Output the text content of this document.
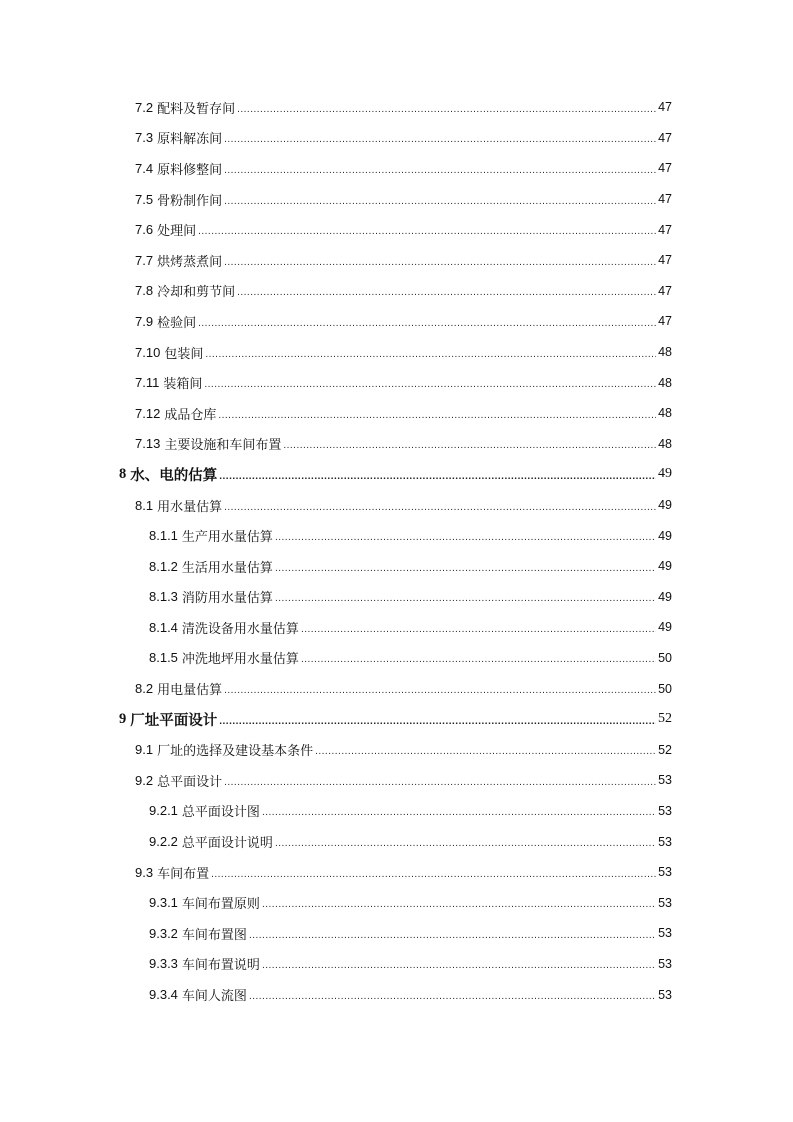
7.2 配料及暂存间 .....	47
7.3 原料解冻间 .....	47
7.4 原料修整间 .....	47
7.5 骨粉制作间 .....	47
7.6 处理间 .....	47
7.7 烘烤蒸煮间 .....	47
7.8 冷却和剪节间 .....	47
7.9 检验间 .....	47
7.10 包装间 .....	48
7.11 装箱间 .....	48
7.12 成品仓库 .....	48
7.13 主要设施和车间布置 .....	48
8 水、电的估算 .....	49
8.1 用水量估算 .....	49
8.1.1 生产用水量估算 .....	49
8.1.2 生活用水量估算 .....	49
8.1.3 消防用水量估算 .....	49
8.1.4 清洗设备用水量估算 .....	49
8.1.5 冲洗地坪用水量估算 .....	50
8.2 用电量估算 .....	50
9 厂址平面设计 .....	52
9.1 厂址的选择及建设基本条件 .....	52
9.2 总平面设计 .....	53
9.2.1 总平面设计图 .....	53
9.2.2 总平面设计说明 .....	53
9.3 车间布置 .....	53
9.3.1 车间布置原则 .....	53
9.3.2 车间布置图 .....	53
9.3.3 车间布置说明 .....	53
9.3.4 车间人流图 .....	53
